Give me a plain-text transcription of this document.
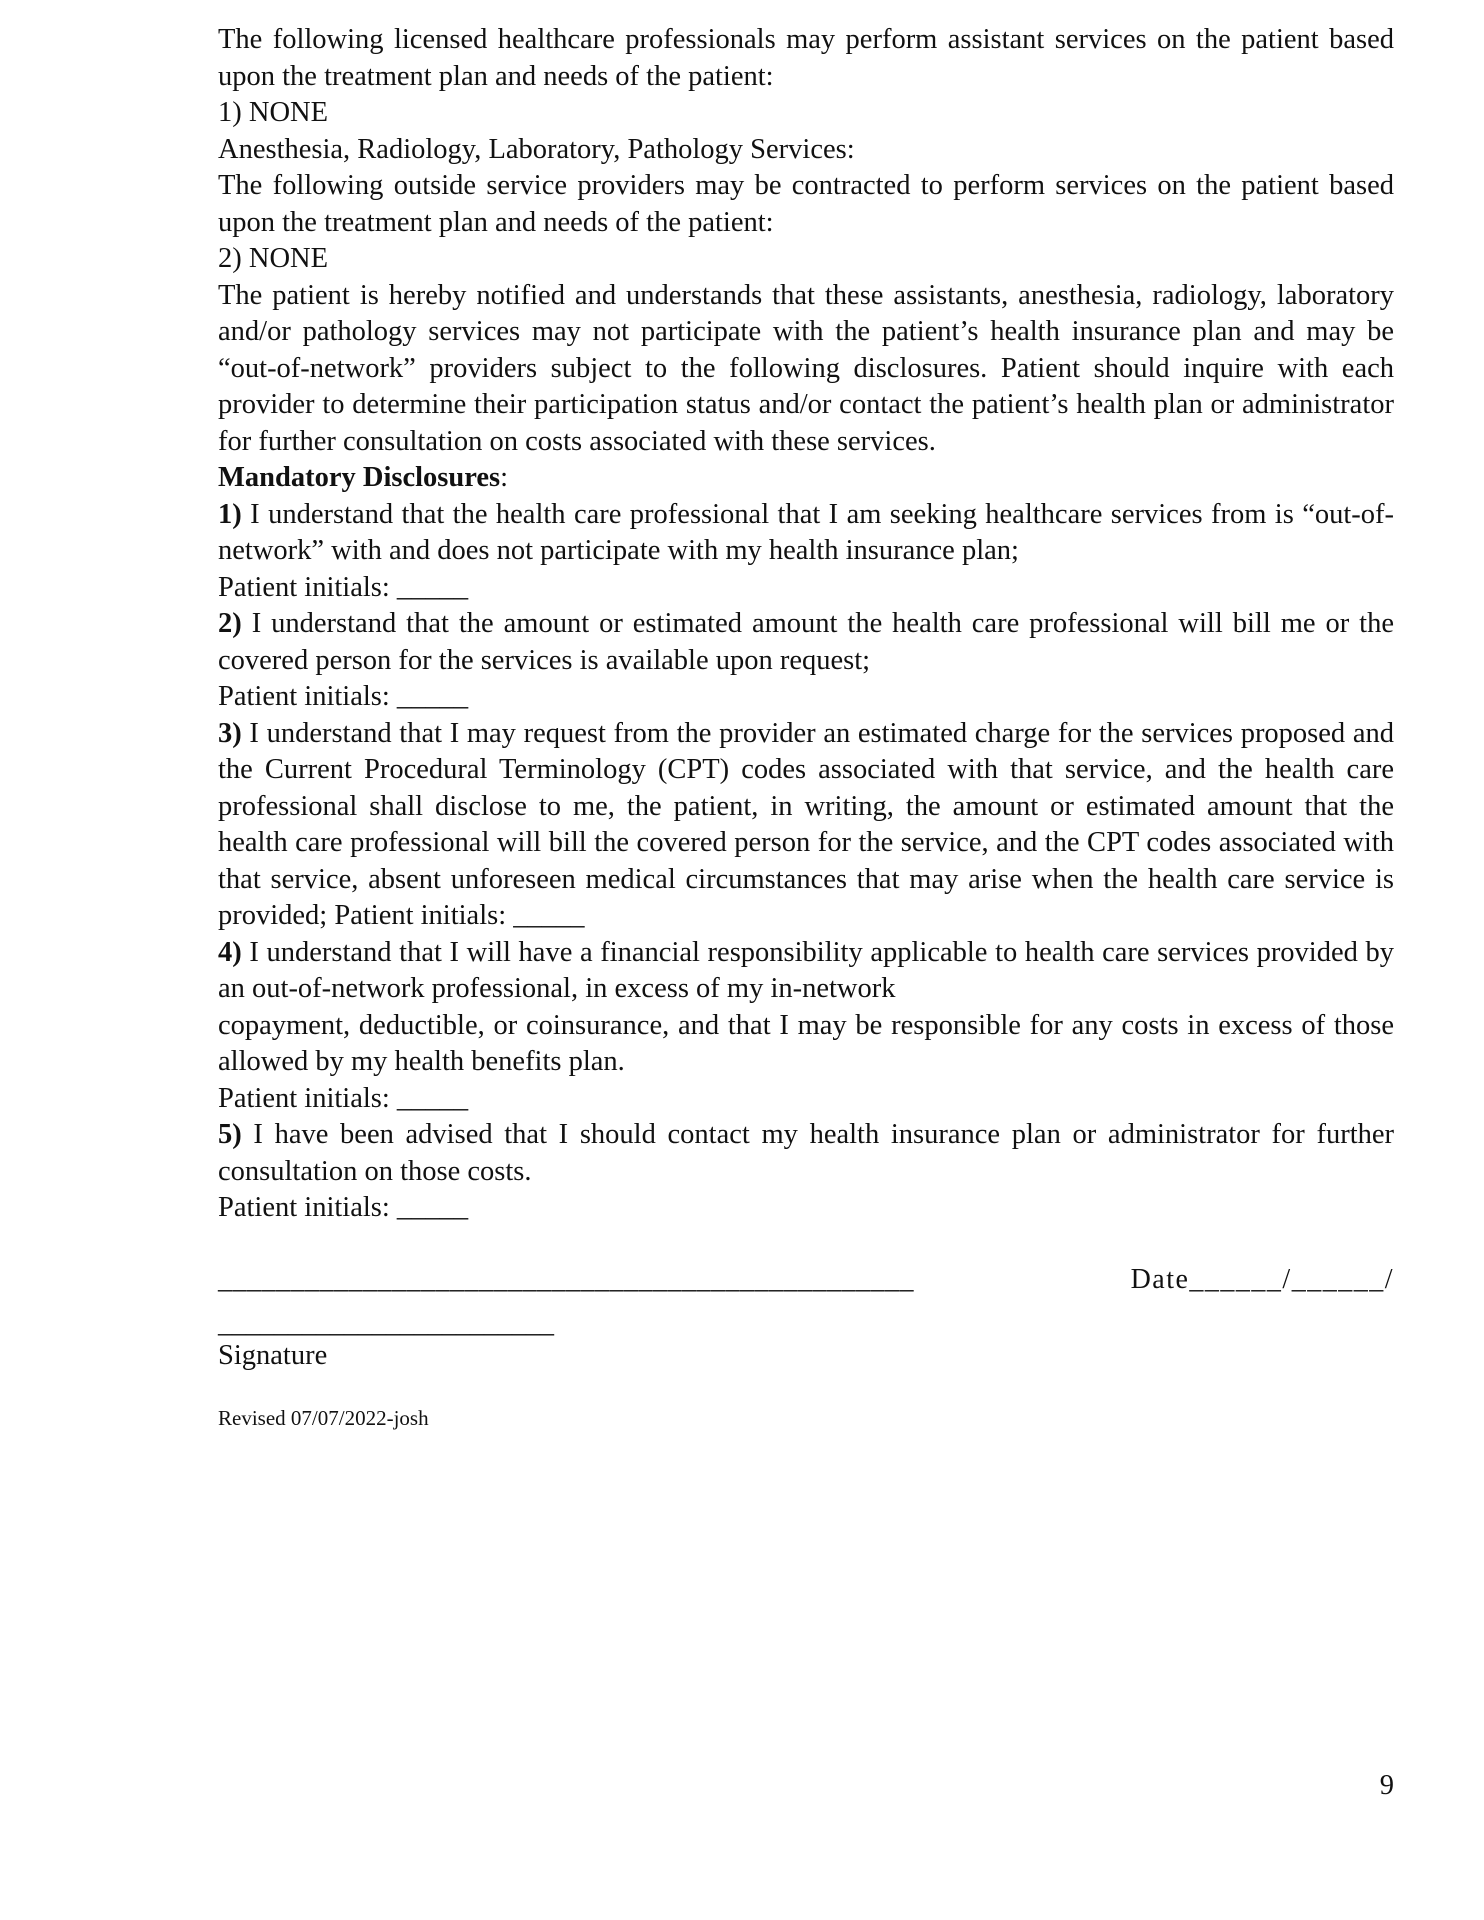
The following licensed healthcare professionals may perform assistant services on the patient based upon the treatment plan and needs of the patient:

1) NONE

Anesthesia, Radiology, Laboratory, Pathology Services:

The following outside service providers may be contracted to perform services on the patient based upon the treatment plan and needs of the patient:

2) NONE

The patient is hereby notified and understands that these assistants, anesthesia, radiology, laboratory and/or pathology services may not participate with the patient’s health insurance plan and may be “out-of-network” providers subject to the following disclosures. Patient should inquire with each provider to determine their participation status and/or contact the patient’s health plan or administrator for further consultation on costs associated with these services.

Mandatory Disclosures:

1) I understand that the health care professional that I am seeking healthcare services from is “out-of-network” with and does not participate with my health insurance plan;

Patient initials: _____

2) I understand that the amount or estimated amount the health care professional will bill me or the covered person for the services is available upon request;

Patient initials: _____

3) I understand that I may request from the provider an estimated charge for the services proposed and the Current Procedural Terminology (CPT) codes associated with that service, and the health care professional shall disclose to me, the patient, in writing, the amount or estimated amount that the health care professional will bill the covered person for the service, and the CPT codes associated with that service, absent unforeseen medical circumstances that may arise when the health care service is provided; Patient initials: _____

4) I understand that I will have a financial responsibility applicable to health care services provided by an out-of-network professional, in excess of my in-network

copayment, deductible, or coinsurance, and that I may be responsible for any costs in excess of those allowed by my health benefits plan.

Patient initials: _____

5) I have been advised that I should contact my health insurance plan or administrator for further consultation on those costs.

Patient initials: _____

________________________________________________	Date______/______/
________________________
Signature
Revised 07/07/2022-josh
9
